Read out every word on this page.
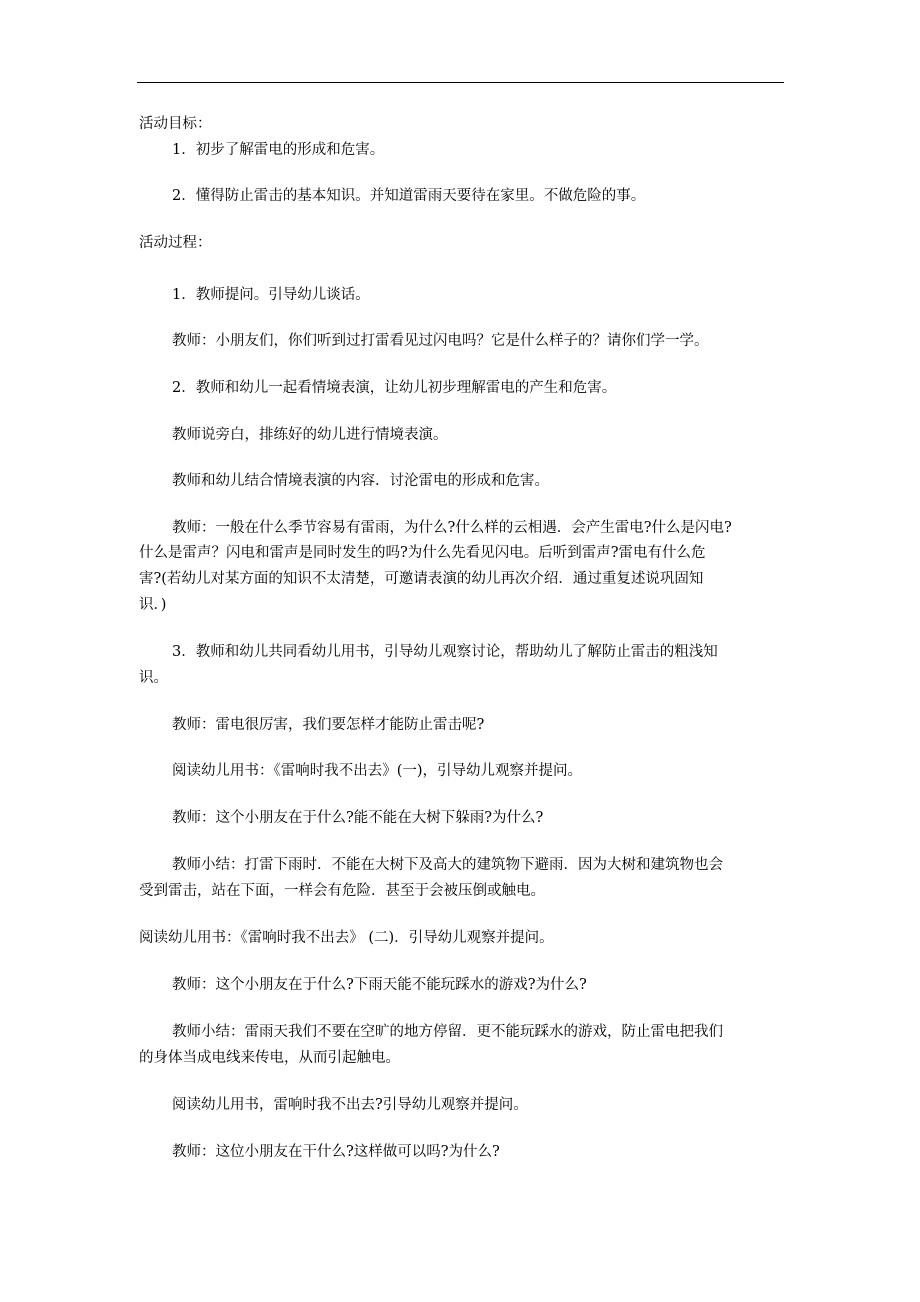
活动目标：
1．初步了解雷电的形成和危害。
2．懂得防止雷击的基本知识。并知道雷雨天要待在家里。不做危险的事。
活动过程：
1．教师提问。引导幼儿谈话。
教师：小朋友们，你们听到过打雷看见过闪电吗？它是什么样子的？请你们学一学。
2．教师和幼儿一起看情境表演，让幼儿初步理解雷电的产生和危害。
教师说旁白，排练好的幼儿进行情境表演。
教师和幼儿结合情境表演的内容．讨沦雷电的形成和危害。
教师：一般在什么季节容易有雷雨，为什么?什么样的云相遇．会产生雷电?什么是闪电?
什么是雷声？闪电和雷声是同时发生的吗?为什么先看见闪电。后听到雷声?雷电有什么危
害?(若幼儿对某方面的知识不太清楚，可邀请表演的幼儿再次介绍．通过重复述说巩固知
识．)
3．教师和幼儿共同看幼儿用书，引导幼儿观察讨论，帮助幼儿了解防止雷击的粗浅知
识。
教师：雷电很厉害，我们要怎样才能防止雷击呢?
阅读幼儿用书：《雷响时我不出去》(一)，引导幼儿观察并提问。
教师：这个小朋友在于什么?能不能在大树下躲雨?为什么?
教师小结：打雷下雨时．不能在大树下及高大的建筑物下避雨．因为大树和建筑物也会
受到雷击，站在下面，一样会有危险．甚至于会被压倒或触电。
阅读幼儿用书：《雷响时我不出去》 (二)．引导幼儿观察并提问。
教师：这个小朋友在于什么?下雨天能不能玩踩水的游戏?为什么?
教师小结：雷雨天我们不要在空旷的地方停留．更不能玩踩水的游戏，防止雷电把我们
的身体当成电线来传电，从而引起触电。
阅读幼儿用书，雷响时我不出去?引导幼儿观察并提问。
教师：这位小朋友在干什么?这样做可以吗?为什么?
